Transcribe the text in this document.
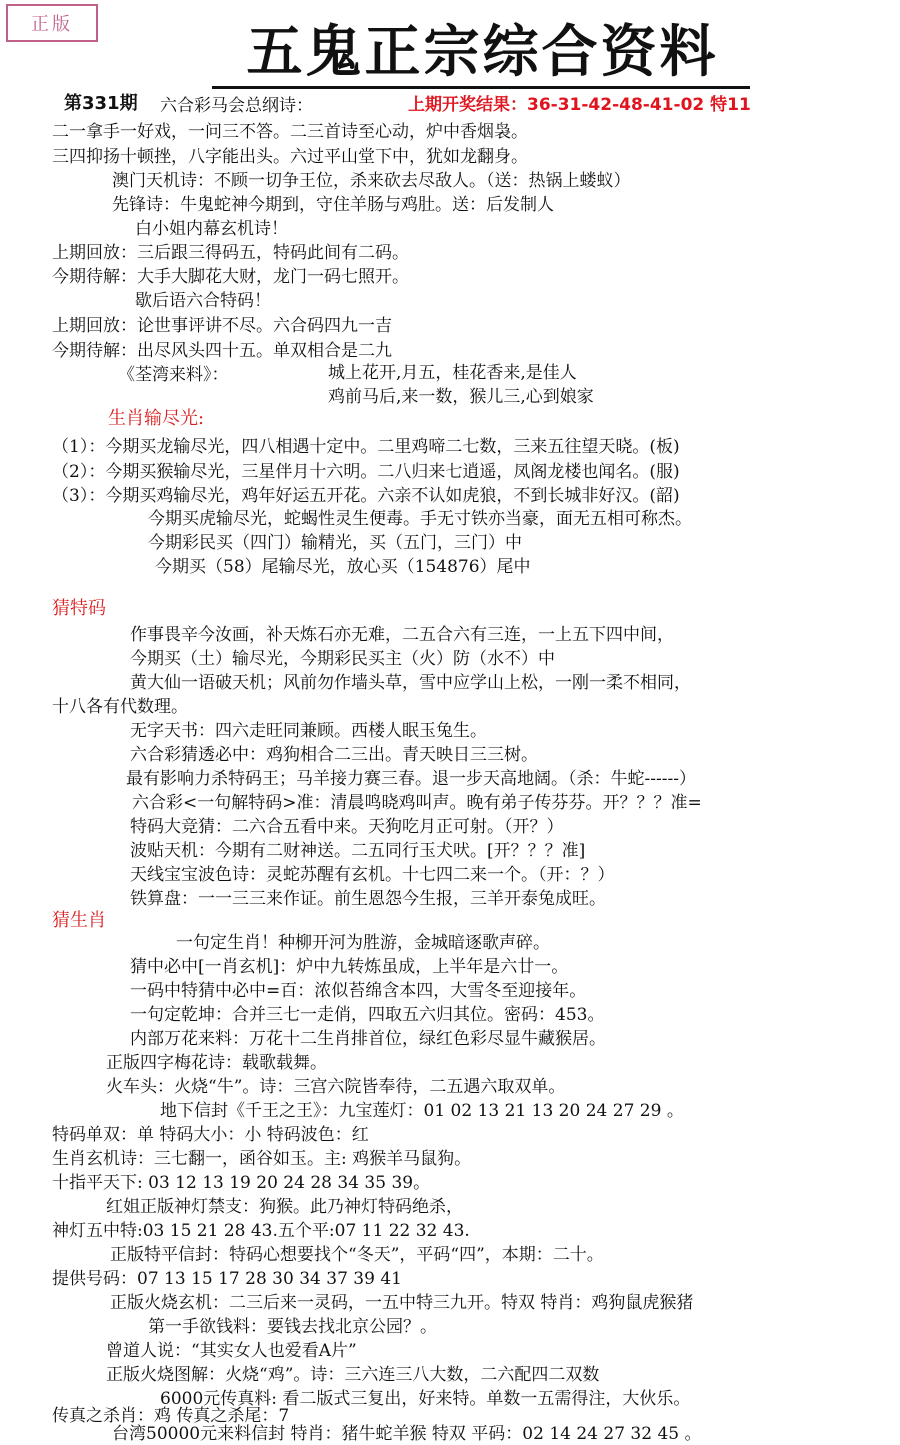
正版	五鬼正宗综合资料
第331期	上期开奖结果：36-31-42-48-41-02 特11
六合彩马会总纲诗：
二一拿手一好戏，一问三不答。二三首诗至心动，炉中香烟袅。
三四抑扬十顿挫，八字能出头。六过平山堂下中，犹如龙翻身。
澳门天机诗：不顾一切争王位，杀来砍去尽敌人。（送：热锅上蝼蚁）
先锋诗：牛鬼蛇神今期到，守住羊肠与鸡肚。送：后发制人
白小姐内幕玄机诗！
上期回放：三后跟三得码五，特码此间有二码。
今期待解：大手大脚花大财，龙门一码七照开。
歇后语六合特码！
上期回放：论世事评讲不尽。六合码四九一吉
今期待解：出尽风头四十五。单双相合是二九
《荃湾来料》：	城上花开,月五，桂花香来,是佳人
鸡前马后,来一数，猴儿三,心到娘家
生肖输尽光:
（1）：今期买龙输尽光，四八相遇十定中。二里鸡啼二七数，三来五往望天晓。(板)
（2）：今期买猴输尽光，三星伴月十六明。二八归来七逍遥，凤阁龙楼也闻名。(服)
（3）：今期买鸡输尽光，鸡年好运五开花。六亲不认如虎狼，不到长城非好汉。(韶)
今期买虎输尽光，蛇蝎性灵生便毒。手无寸铁亦当豪，面无五相可称杰。
今期彩民买（四门）输精光，买（五门，三门）中
今期买（58）尾输尽光，放心买（154876）尾中
猜特码
作事畏辛今汝画，补天炼石亦无难，二五合六有三连，一上五下四中间，
今期买（土）输尽光，今期彩民买主（火）防（水不）中
黄大仙一语破天机；风前勿作墙头草，雪中应学山上松，一刚一柔不相同，
十八各有代数理。
无字天书：四六走旺同兼顾。西楼人眠玉兔生。
六合彩猜透必中：鸡狗相合二三出。青天映日三三树。
最有影响力杀特码王；马羊接力赛三春。退一步天高地阔。（杀：牛蛇------）
六合彩<一句解特码>准：清晨鸣晓鸡叫声。晚有弟子传芬芬。开？？？准=
特码大竞猜：二六合五看中来。天狗吃月正可射。（开？）
波贴天机：今期有二财神送。二五同行玉犬吠。[开？？？准]
天线宝宝波色诗：灵蛇苏醒有玄机。十七四二来一个。（开：？）
铁算盘：一一三三来作证。前生恩怨今生报，三羊开泰兔成旺。
猜生肖
一句定生肖！种柳开河为胜游，金城暗逐歌声碎。
猜中必中[一肖玄机]：炉中九转炼虽成，上半年是六廿一。
一码中特猜中必中=百：浓似苔绵含本四，大雪冬至迎接年。
一句定乾坤：合并三七一走俏，四取五六归其位。密码：453。
内部万花来料：万花十二生肖排首位，绿红色彩尽显牛藏猴居。
正版四字梅花诗：载歌载舞。
火车头：火烧“牛”。诗：三宫六院皆奉待，二五遇六取双单。
地下信封《千王之王》：九宝莲灯：01 02 13 21 13 20 24 27 29 。
特码单双：单 特码大小：小 特码波色：红
生肖玄机诗：三七翻一，函谷如玉。主: 鸡猴羊马鼠狗。
十指平天下: 03 12 13 19 20 24 28 34 35 39。
红姐正版神灯禁支：狗猴。此乃神灯特码绝杀，
神灯五中特:03 15 21 28 43.五个平:07 11 22 32 43.
正版特平信封：特码心想要找个“冬天”，平码“四”，本期：二十。
提供号码：07 13 15 17 28 30 34 37 39 41
正版火烧玄机：二三后来一灵码，一五中特三九开。特双 特肖：鸡狗鼠虎猴猪
第一手欲钱料：要钱去找北京公园？。
曾道人说：“其实女人也爱看A片”
正版火烧图解：火烧“鸡”。诗：三六连三八大数，二六配四二双数
6000元传真料: 看二版式三复出，好来特。单数一五需得注，大伙乐。
传真之杀肖：鸡 传真之杀尾：7
台湾50000元来料信封 特肖：猪牛蛇羊猴 特双 平码：02 14 24 27 32 45 。
